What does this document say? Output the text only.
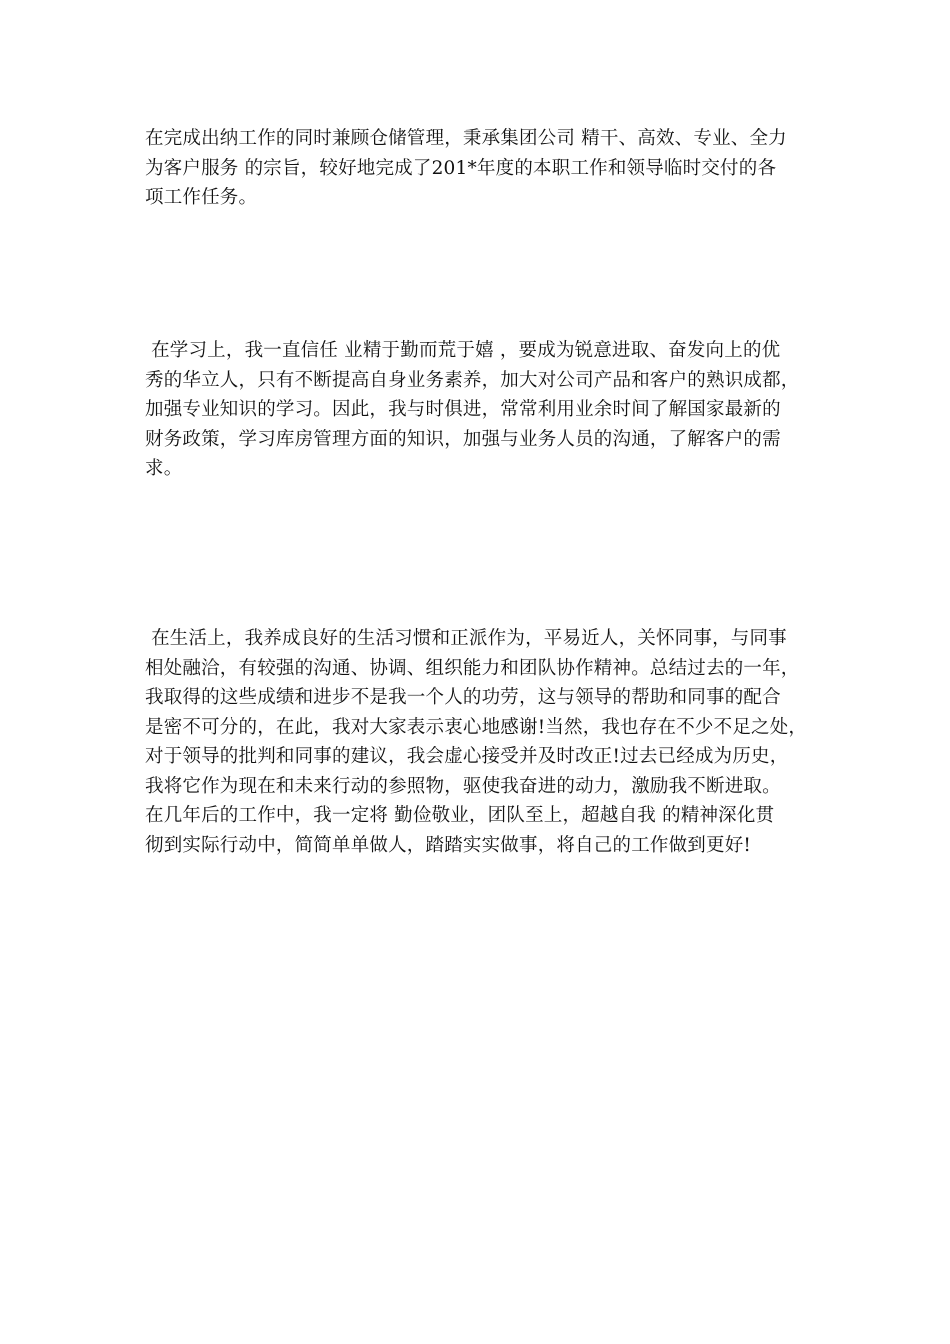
在完成出纳工作的同时兼顾仓储管理，秉承集团公司 精干、高效、专业、全力
为客户服务 的宗旨，较好地完成了201*年度的本职工作和领导临时交付的各
项工作任务。
在学习上，我一直信任 业精于勤而荒于嬉 ，要成为锐意进取、奋发向上的优
秀的华立人，只有不断提高自身业务素养，加大对公司产品和客户的熟识成都，
加强专业知识的学习。因此，我与时俱进，常常利用业余时间了解国家最新的
财务政策，学习库房管理方面的知识，加强与业务人员的沟通，了解客户的需
求。
在生活上，我养成良好的生活习惯和正派作为，平易近人，关怀同事，与同事
相处融洽，有较强的沟通、协调、组织能力和团队协作精神。总结过去的一年，
我取得的这些成绩和进步不是我一个人的功劳，这与领导的帮助和同事的配合
是密不可分的，在此，我对大家表示衷心地感谢!当然，我也存在不少不足之处，
对于领导的批判和同事的建议，我会虚心接受并及时改正!过去已经成为历史，
我将它作为现在和未来行动的参照物，驱使我奋进的动力，激励我不断进取。
在几年后的工作中，我一定将 勤俭敬业，团队至上，超越自我 的精神深化贯
彻到实际行动中，简简单单做人，踏踏实实做事，将自己的工作做到更好!
